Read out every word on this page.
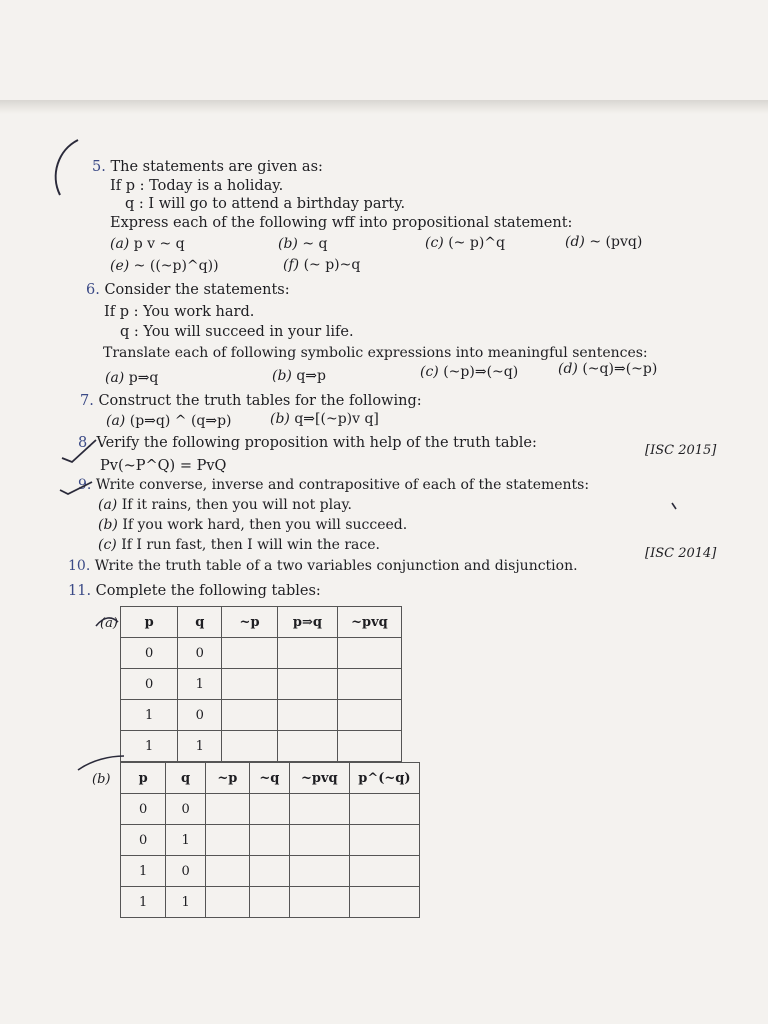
5. The statements are given as:
If p : Today is a holiday.
q : I will go to attend a birthday party.
Express each of the following wff into propositional statement:
(a) p v ~ q	(b) ~ q	(c) (~ p)^q	(d) ~ (pvq)
(e) ~ ((~p)^q))	(f) (~ p)~q
6. Consider the statements:
If p : You work hard.
q : You will succeed in your life.
Translate each of following symbolic expressions into meaningful sentences:
(a) p⇒q	(b) q⇒p	(c) (~p)⇒(~q)	(d) (~q)⇒(~p)
7. Construct the truth tables for the following:
(a) (p⇒q) ^ (q⇒p)	(b) q⇒[(~p)v q]
8. Verify the following proposition with help of the truth table:
Pv(~P^Q) = PvQ
[ISC 2015]
9. Write converse, inverse and contrapositive of each of the statements:
(a) If it rains, then you will not play.
(b) If you work hard, then you will succeed.
(c) If I run fast, then I will win the race.
10. Write the truth table of a two variables conjunction and disjunction.
[ISC 2014]
11. Complete the following tables:
(a) p	q	~p	p⇒q	~pvq
0	0			
0	1			
1	0			
1	1			
(b) p	q	~p	~q	~pvq	p^(~q)
0	0				
0	1				
1	0				
1	1				
